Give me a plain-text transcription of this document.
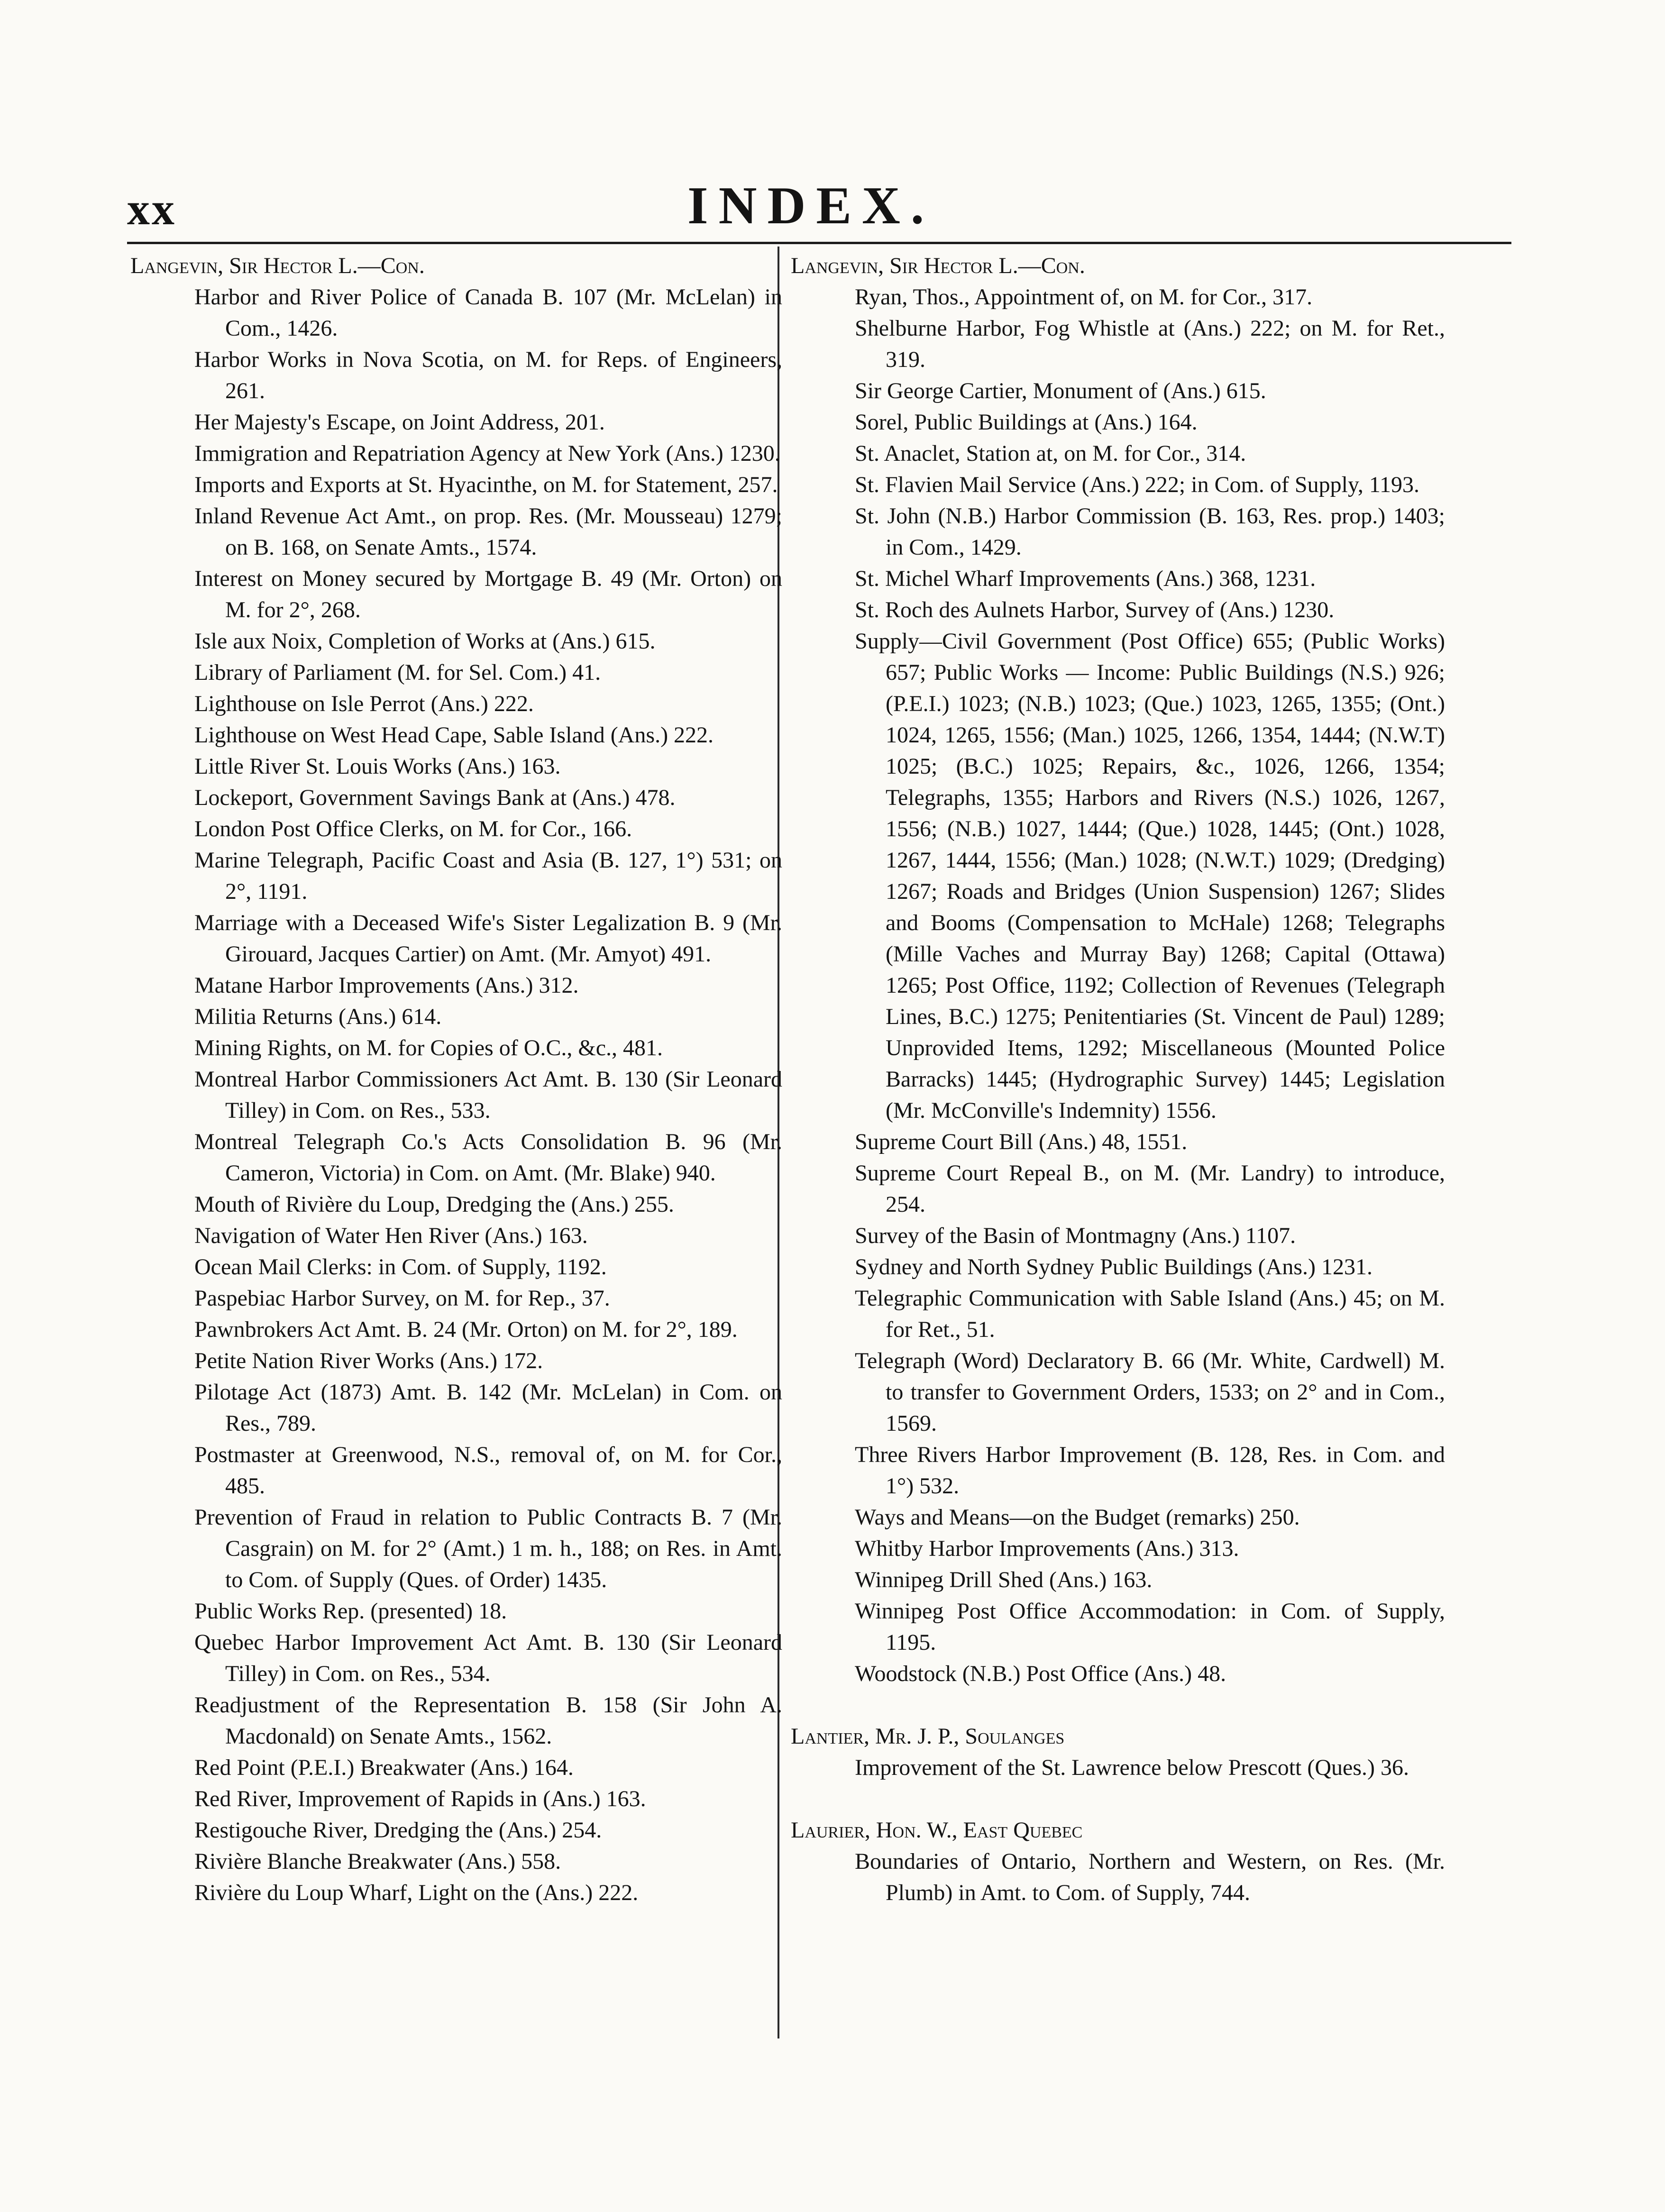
xx	INDEX.
Langevin, Sir Hector L.—Con.
Harbor and River Police of Canada B. 107 (Mr. McLelan) in Com., 1426.
Harbor Works in Nova Scotia, on M. for Reps. of Engineers, 261.
Her Majesty's Escape, on Joint Address, 201.
Immigration and Repatriation Agency at New York (Ans.) 1230.
Imports and Exports at St. Hyacinthe, on M. for Statement, 257.
Inland Revenue Act Amt., on prop. Res. (Mr. Mousseau) 1279; on B. 168, on Senate Amts., 1574.
Interest on Money secured by Mortgage B. 49 (Mr. Orton) on M. for 2°, 268.
Isle aux Noix, Completion of Works at (Ans.) 615.
Library of Parliament (M. for Sel. Com.) 41.
Lighthouse on Isle Perrot (Ans.) 222.
Lighthouse on West Head Cape, Sable Island (Ans.) 222.
Little River St. Louis Works (Ans.) 163.
Lockeport, Government Savings Bank at (Ans.) 478.
London Post Office Clerks, on M. for Cor., 166.
Marine Telegraph, Pacific Coast and Asia (B. 127, 1°) 531; on 2°, 1191.
Marriage with a Deceased Wife's Sister Legalization B. 9 (Mr. Girouard, Jacques Cartier) on Amt. (Mr. Amyot) 491.
Matane Harbor Improvements (Ans.) 312.
Militia Returns (Ans.) 614.
Mining Rights, on M. for Copies of O.C., &c., 481.
Montreal Harbor Commissioners Act Amt. B. 130 (Sir Leonard Tilley) in Com. on Res., 533.
Montreal Telegraph Co.'s Acts Consolidation B. 96 (Mr. Cameron, Victoria) in Com. on Amt. (Mr. Blake) 940.
Mouth of Rivière du Loup, Dredging the (Ans.) 255.
Navigation of Water Hen River (Ans.) 163.
Ocean Mail Clerks: in Com. of Supply, 1192.
Paspebiac Harbor Survey, on M. for Rep., 37.
Pawnbrokers Act Amt. B. 24 (Mr. Orton) on M. for 2°, 189.
Petite Nation River Works (Ans.) 172.
Pilotage Act (1873) Amt. B. 142 (Mr. McLelan) in Com. on Res., 789.
Postmaster at Greenwood, N.S., removal of, on M. for Cor., 485.
Prevention of Fraud in relation to Public Contracts B. 7 (Mr. Casgrain) on M. for 2° (Amt.) 1 m. h., 188; on Res. in Amt. to Com. of Supply (Ques. of Order) 1435.
Public Works Rep. (presented) 18.
Quebec Harbor Improvement Act Amt. B. 130 (Sir Leonard Tilley) in Com. on Res., 534.
Readjustment of the Representation B. 158 (Sir John A. Macdonald) on Senate Amts., 1562.
Red Point (P.E.I.) Breakwater (Ans.) 164.
Red River, Improvement of Rapids in (Ans.) 163.
Restigouche River, Dredging the (Ans.) 254.
Rivière Blanche Breakwater (Ans.) 558.
Rivière du Loup Wharf, Light on the (Ans.) 222.
Langevin, Sir Hector L.—Con.
Ryan, Thos., Appointment of, on M. for Cor., 317.
Shelburne Harbor, Fog Whistle at (Ans.) 222; on M. for Ret., 319.
Sir George Cartier, Monument of (Ans.) 615.
Sorel, Public Buildings at (Ans.) 164.
St. Anaclet, Station at, on M. for Cor., 314.
St. Flavien Mail Service (Ans.) 222; in Com. of Supply, 1193.
St. John (N.B.) Harbor Commission (B. 163, Res. prop.) 1403; in Com., 1429.
St. Michel Wharf Improvements (Ans.) 368, 1231.
St. Roch des Aulnets Harbor, Survey of (Ans.) 1230.
Supply—Civil Government (Post Office) 655; (Public Works) 657; Public Works — Income: Public Buildings (N.S.) 926; (P.E.I.) 1023; (N.B.) 1023; (Que.) 1023, 1265, 1355; (Ont.) 1024, 1265, 1556; (Man.) 1025, 1266, 1354, 1444; (N.W.T) 1025; (B.C.) 1025; Repairs, &c., 1026, 1266, 1354; Telegraphs, 1355; Harbors and Rivers (N.S.) 1026, 1267, 1556; (N.B.) 1027, 1444; (Que.) 1028, 1445; (Ont.) 1028, 1267, 1444, 1556; (Man.) 1028; (N.W.T.) 1029; (Dredging) 1267; Roads and Bridges (Union Suspension) 1267; Slides and Booms (Compensation to McHale) 1268; Telegraphs (Mille Vaches and Murray Bay) 1268; Capital (Ottawa) 1265; Post Office, 1192; Collection of Revenues (Telegraph Lines, B.C.) 1275; Penitentiaries (St. Vincent de Paul) 1289; Unprovided Items, 1292; Miscellaneous (Mounted Police Barracks) 1445; (Hydrographic Survey) 1445; Legislation (Mr. McConville's Indemnity) 1556.
Supreme Court Bill (Ans.) 48, 1551.
Supreme Court Repeal B., on M. (Mr. Landry) to introduce, 254.
Survey of the Basin of Montmagny (Ans.) 1107.
Sydney and North Sydney Public Buildings (Ans.) 1231.
Telegraphic Communication with Sable Island (Ans.) 45; on M. for Ret., 51.
Telegraph (Word) Declaratory B. 66 (Mr. White, Cardwell) M. to transfer to Government Orders, 1533; on 2° and in Com., 1569.
Three Rivers Harbor Improvement (B. 128, Res. in Com. and 1°) 532.
Ways and Means—on the Budget (remarks) 250.
Whitby Harbor Improvements (Ans.) 313.
Winnipeg Drill Shed (Ans.) 163.
Winnipeg Post Office Accommodation: in Com. of Supply, 1195.
Woodstock (N.B.) Post Office (Ans.) 48.
Lantier, Mr. J. P., Soulanges
Improvement of the St. Lawrence below Prescott (Ques.) 36.
Laurier, Hon. W., East Quebec
Boundaries of Ontario, Northern and Western, on Res. (Mr. Plumb) in Amt. to Com. of Supply, 744.
